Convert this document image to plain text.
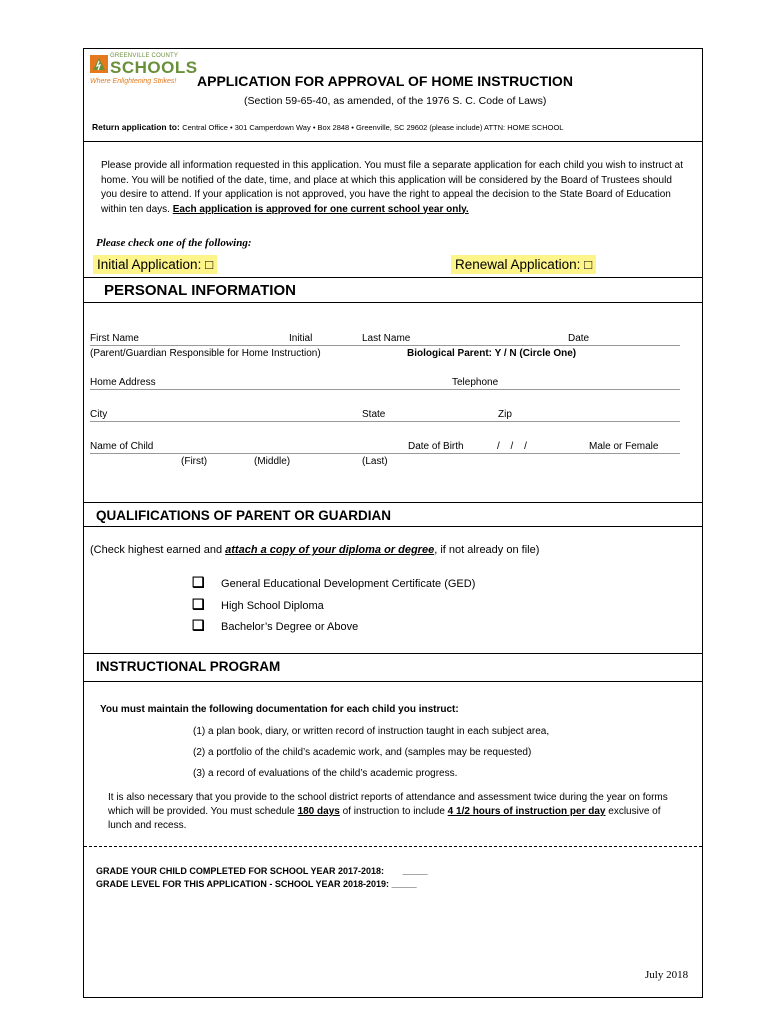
GREENVILLE COUNTY
SCHOOLS
Where Enlightening Strikes! APPLICATION FOR APPROVAL OF HOME INSTRUCTION
(Section 59-65-40, as amended, of the 1976 S. C. Code of Laws)
Return application to: Central Office • 301 Camperdown Way • Box 2848 • Greenville, SC 29602 (please include) ATTN: HOME SCHOOL
Please provide all information requested in this application. You must file a separate application for each child you wish to instruct at home. You will be notified of the date, time, and place at which this application will be considered by the Board of Trustees should you desire to attend. If your application is not approved, you have the right to appeal the decision to the State Board of Education within ten days. Each application is approved for one current school year only.
Please check one of the following:
Initial Application: □	Renewal Application: □
PERSONAL INFORMATION
First Name	Initial	Last Name	Date
(Parent/Guardian Responsible for Home Instruction)	Biological Parent: Y / N (Circle One)
Home Address	Telephone
City	State	Zip
Name of Child	Date of Birth	/ / /	Male or Female
(First)	(Middle)	(Last)
QUALIFICATIONS OF PARENT OR GUARDIAN
(Check highest earned and attach a copy of your diploma or degree, if not already on file)
❑ General Educational Development Certificate (GED)
❑ High School Diploma
❑ Bachelor’s Degree or Above
INSTRUCTIONAL PROGRAM
You must maintain the following documentation for each child you instruct:
(1) a plan book, diary, or written record of instruction taught in each subject area,
(2) a portfolio of the child’s academic work, and (samples may be requested)
(3) a record of evaluations of the child’s academic progress.
It is also necessary that you provide to the school district reports of attendance and assessment twice during the year on forms which will be provided. You must schedule 180 days of instruction to include 4 1/2 hours of instruction per day exclusive of lunch and recess.
GRADE YOUR CHILD COMPLETED FOR SCHOOL YEAR 2017-2018: _____
GRADE LEVEL FOR THIS APPLICATION - SCHOOL YEAR 2018-2019: _____
July 2018
